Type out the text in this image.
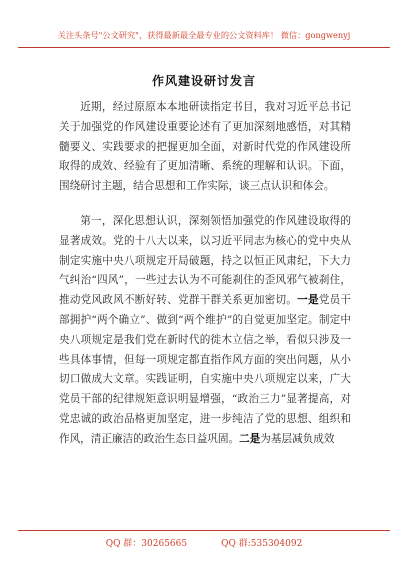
关注头条号"公文研究"，获得最新最全最专业的公文资料库！ 微信：gongwenyj
作风建设研讨发言

近期，经过原原本本地研读指定书目，我对习近平总书记关于加强党的作风建设重要论述有了更加深刻地感悟，对其精髓要义、实践要求的把握更加全面，对新时代党的作风建设所取得的成效、经验有了更加清晰、系统的理解和认识。下面，围绕研讨主题，结合思想和工作实际，谈三点认识和体会。

第一，深化思想认识，深刻领悟加强党的作风建设取得的显著成效。党的十八大以来，以习近平同志为核心的党中央从制定实施中央八项规定开局破题，持之以恒正风肃纪，下大力气纠治“四风”，一些过去认为不可能刹住的歪风邪气被刹住，推动党风政风不断好转、党群干群关系更加密切。一是党员干部拥护“两个确立”、做到“两个维护”的自觉更加坚定。制定中央八项规定是我们党在新时代的徙木立信之举，看似只涉及一些具体事情，但每一项规定都直指作风方面的突出问题，从小切口做成大文章。实践证明，自实施中央八项规定以来，广大党员干部的纪律规矩意识明显增强，“政治三力”显著提高，对党忠诚的政治品格更加坚定，进一步纯洁了党的思想、组织和作风，清正廉洁的政治生态日益巩固。二是为基层减负成效

QQ 群：30265665	QQ 群:535304092
